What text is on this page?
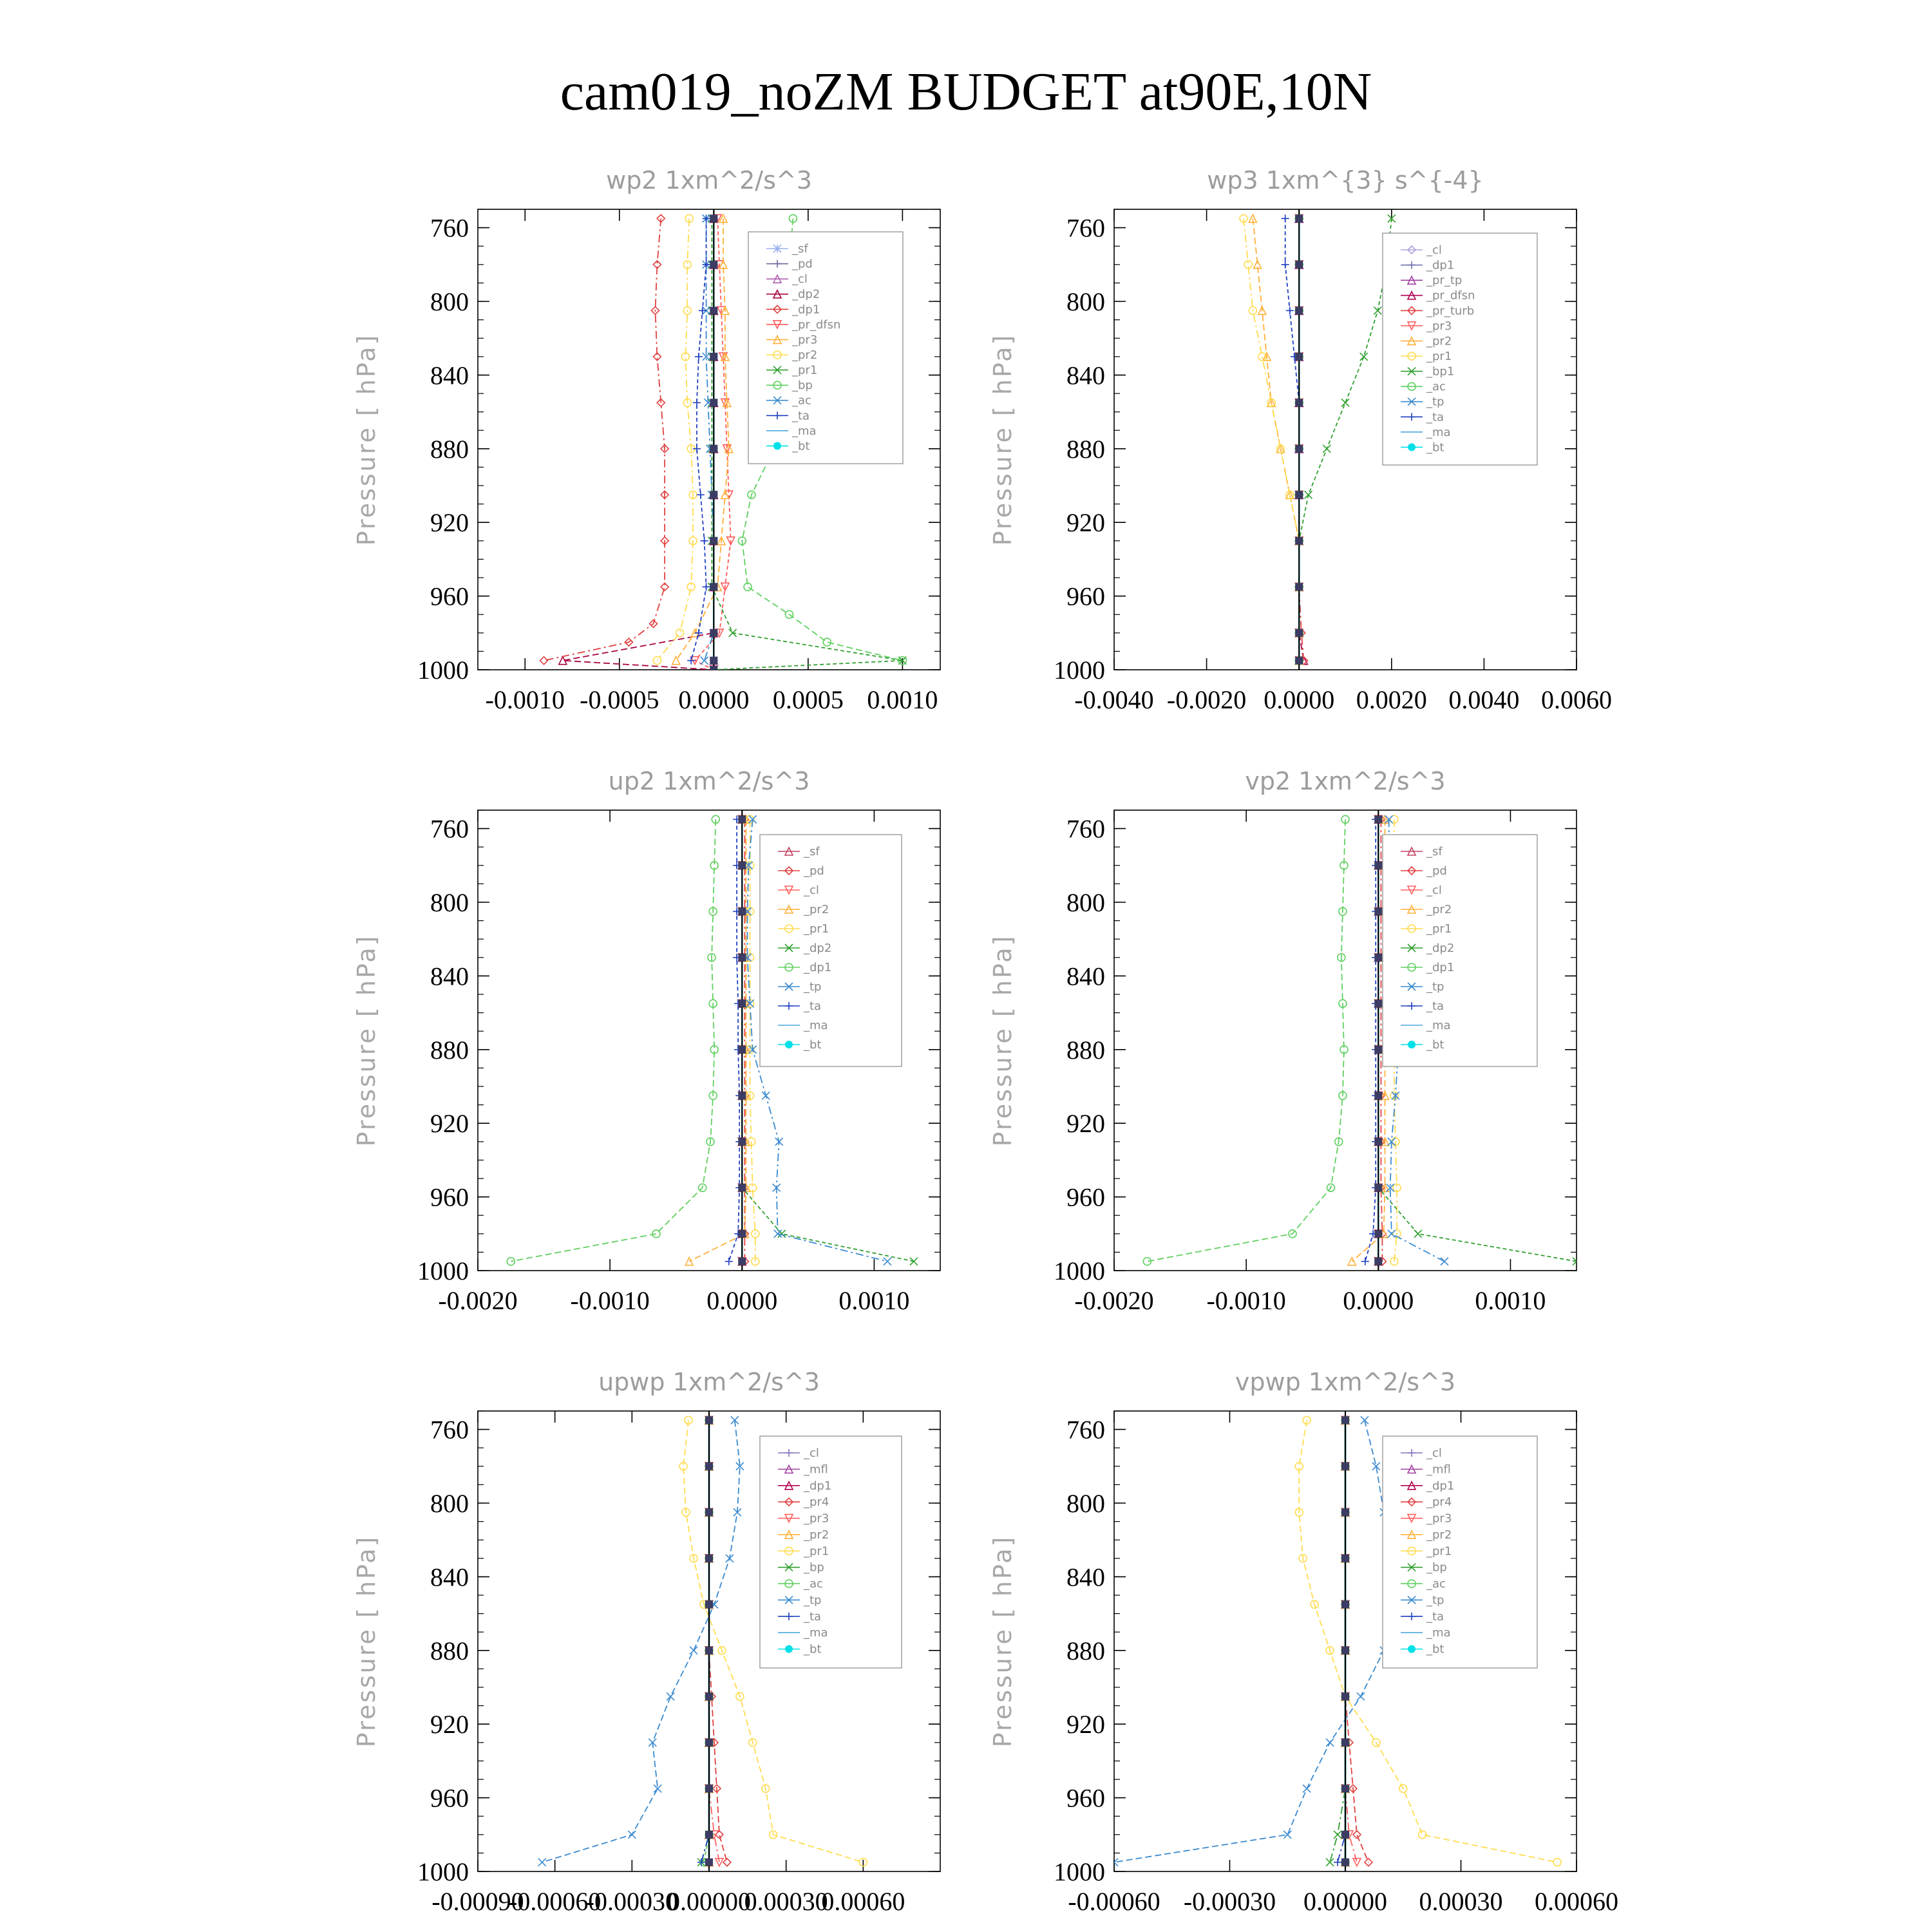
cam019_noZM BUDGET at90E,10N
wp2 1xm^2/s^3
Pressure [ hPa]
760
800
840
880
920
960
1000
-0.0010 -0.0005 0.0000 0.0005 0.0010
_sf
_pd
_cl
_dp2
_dp1
_pr_dfsn
_pr3
_pr2
_pr1
_bp
_ac
_ta
_ma
_bt
wp3 1xm^{3} s^{-4}
Pressure [ hPa]
760
800
840
880
920
960
1000
-0.0040 -0.0020 0.0000 0.0020 0.0040 0.0060
_cl
_dp1
_pr_tp
_pr_dfsn
_pr_turb
_pr3
_pr2
_pr1
_bp1
_ac
_tp
_ta
_ma
_bt
up2 1xm^2/s^3
Pressure [ hPa]
760
800
840
880
920
960
1000
-0.0020 -0.0010 0.0000 0.0010
_sf
_pd
_cl
_pr2
_pr1
_dp2
_dp1
_tp
_ta
_ma
_bt
vp2 1xm^2/s^3
Pressure [ hPa]
760
800
840
880
920
960
1000
-0.0020 -0.0010 0.0000 0.0010
_sf
_pd
_cl
_pr2
_pr1
_dp2
_dp1
_tp
_ta
_ma
_bt
upwp 1xm^2/s^3
Pressure [ hPa]
760
800
840
880
920
960
1000
-0.00090
-0.00060
-0.00030
0.00000
0.00030
0.00060
_cl
_mfl
_dp1
_pr4
_pr3
_pr2
_pr1
_bp
_ac
_tp
_ta
_ma
_bt
vpwp 1xm^2/s^3
Pressure [ hPa]
760
800
840
880
920
960
1000
-0.00060 -0.00030 0.00000 0.00030 0.00060
_cl
_mfl
_dp1
_pr4
_pr3
_pr2
_pr1
_bp
_ac
_tp
_ta
_ma
_bt
